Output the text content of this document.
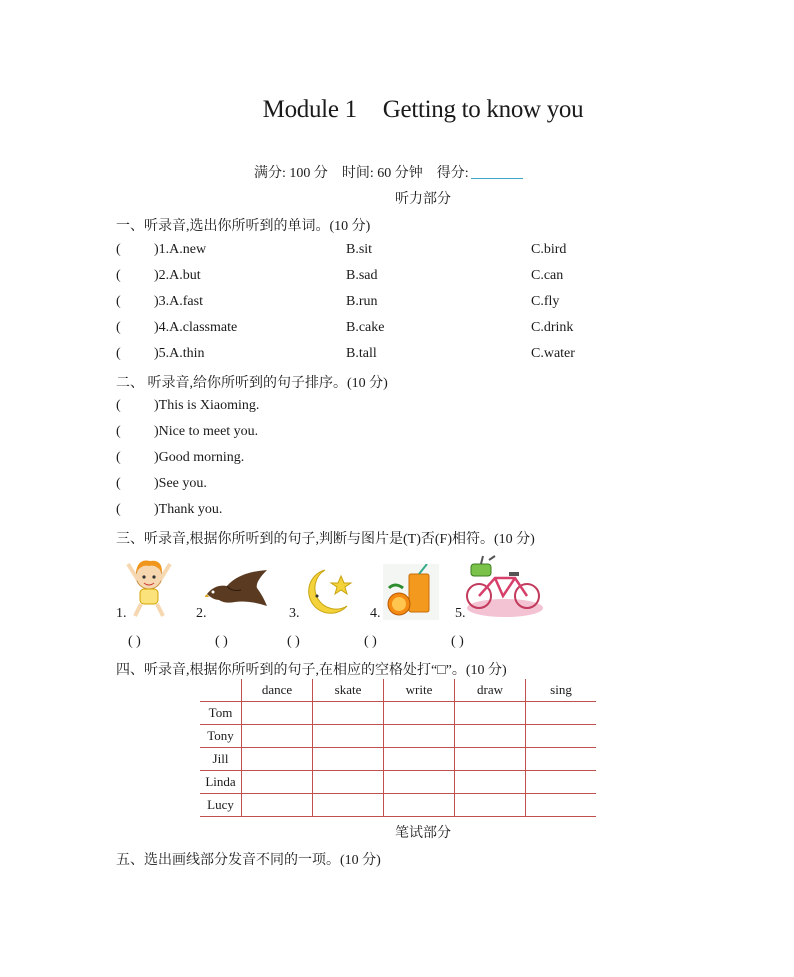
Module 1 Getting to know you
满分: 100 分 时间: 60 分钟 得分:
听力部分
一、听录音,选出你所听到的单词。(10 分)
( )1.A.new	B.sit	C.bird
( )2.A.but	B.sad	C.can
( )3.A.fast	B.run	C.fly
( )4.A.classmate	B.cake	C.drink
( )5.A.thin	B.tall	C.water
二、 听录音,给你所听到的句子排序。(10 分)
( )This is Xiaoming.
( )Nice to meet you.
( )Good morning.
( )See you.
( )Thank you.
三、听录音,根据你所听到的句子,判断与图片是(T)否(F)相符。(10 分)
1.	2.	3.	4.	5.
( )	( )	( )	( )	( )
四、听录音,根据你所听到的句子,在相应的空格处打“□”。(10 分)
	dance	skate	write	draw	sing
Tom					
Tony					
Jill					
Linda					
Lucy					
笔试部分
五、选出画线部分发音不同的一项。(10 分)
